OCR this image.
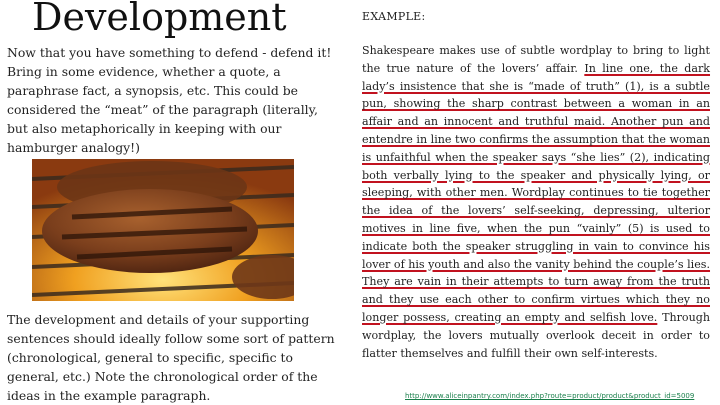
Development
Now that you have something to defend - defend it! Bring in some evidence, whether a quote, a paraphrase fact, a synopsis, etc. This could be considered the “meat” of the paragraph (literally, but also metaphorically in keeping with our hamburger analogy!)
The development and details of your supporting sentences should ideally follow some sort of pattern (chronological, general to specific, specific to general, etc.) Note the chronological order of the ideas in the example paragraph.
EXAMPLE:
Shakespeare makes use of subtle wordplay to bring to light the true nature of the lovers’ affair. In line one, the dark lady’s insistence that she is “made of truth” (1), is a subtle pun, showing the sharp contrast between a woman in an affair and an innocent and truthful maid. Another pun and entendre in line two confirms the assumption that the woman is unfaithful when the speaker says “she lies” (2), indicating both verbally lying to the speaker and physically lying, or sleeping, with other men. Wordplay continues to tie together the idea of the lovers’ self-seeking, depressing, ulterior motives in line five, when the pun “vainly” (5) is used to indicate both the speaker struggling in vain to convince his lover of his youth and also the vanity behind the couple’s lies. They are vain in their attempts to turn away from the truth and they use each other to confirm virtues which they no longer possess, creating an empty and selfish love. Through wordplay, the lovers mutually overlook deceit in order to flatter themselves and fulfill their own self-interests.
http://www.aliceinpantry.com/index.php?route=product/product&product_id=5009
